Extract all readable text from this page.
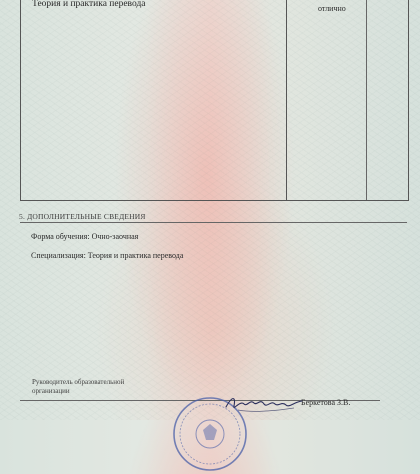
Теория и практика перевода	отлично
5. ДОПОЛНИТЕЛЬНЫЕ СВЕДЕНИЯ
Форма обучения: Очно-заочная
Специализация: Теория и практика перевода
Руководитель образовательной организации
Беркетова З.В.
